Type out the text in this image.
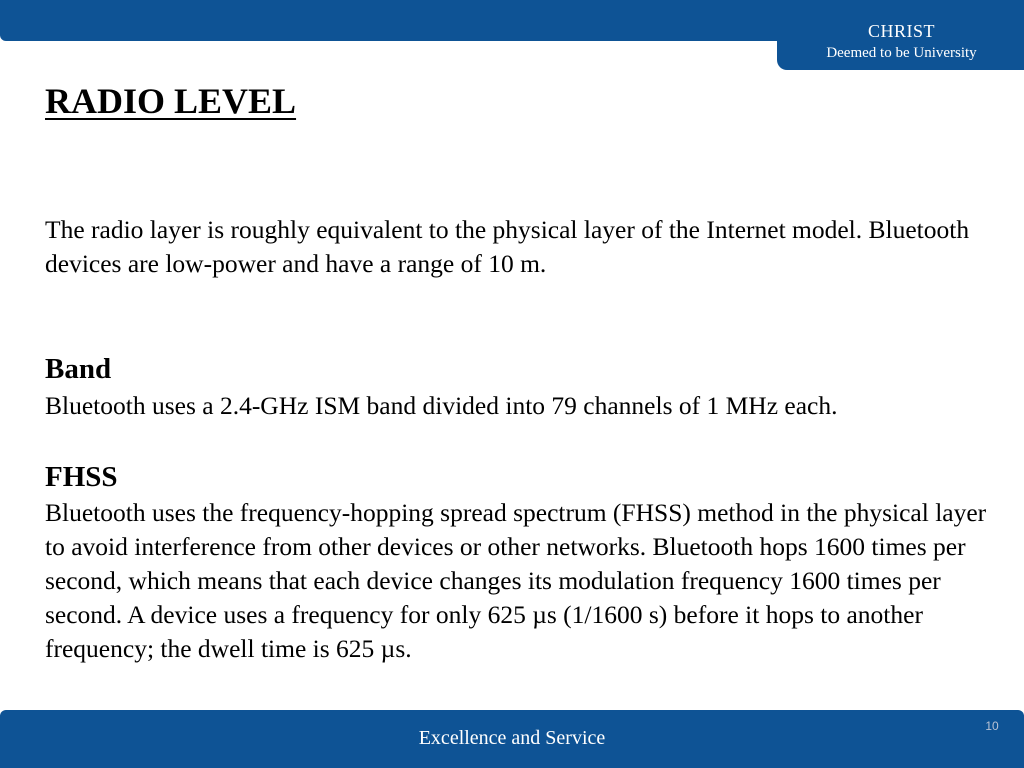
CHRIST
Deemed to be University
RADIO LEVEL

The radio layer is roughly equivalent to the physical layer of the Internet model. Bluetooth devices are low-power and have a range of 10 m.

Band

Bluetooth uses a 2.4-GHz ISM band divided into 79 channels of 1 MHz each.

FHSS

Bluetooth uses the frequency-hopping spread spectrum (FHSS) method in the physical layer to avoid interference from other devices or other networks. Bluetooth hops 1600 times per second, which means that each device changes its modulation frequency 1600 times per second. A device uses a frequency for only 625 µs (1/1600 s) before it hops to another frequency; the dwell time is 625 µs.

Excellence and Service
10
